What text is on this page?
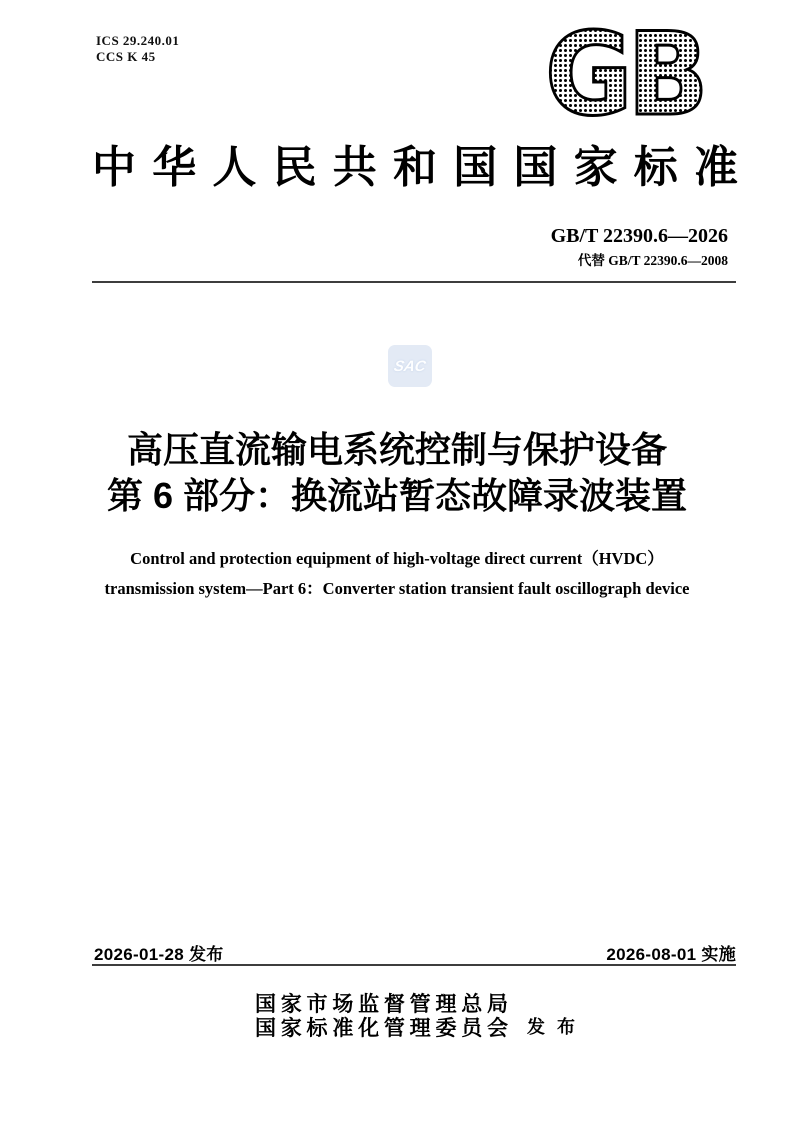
ICS 29.240.01
CCS K 45	GB
中华人民共和国国家标准
GB/T 22390.6—2026
代替 GB/T 22390.6—2008
SAC
高压直流输电系统控制与保护设备
第 6 部分：换流站暂态故障录波装置
Control and protection equipment of high-voltage direct current（HVDC）
transmission system—Part 6：Converter station transient fault oscillograph device
2026-01-28 发布	2026-08-01 实施
国家市场监督管理总局
国家标准化管理委员会 发布
